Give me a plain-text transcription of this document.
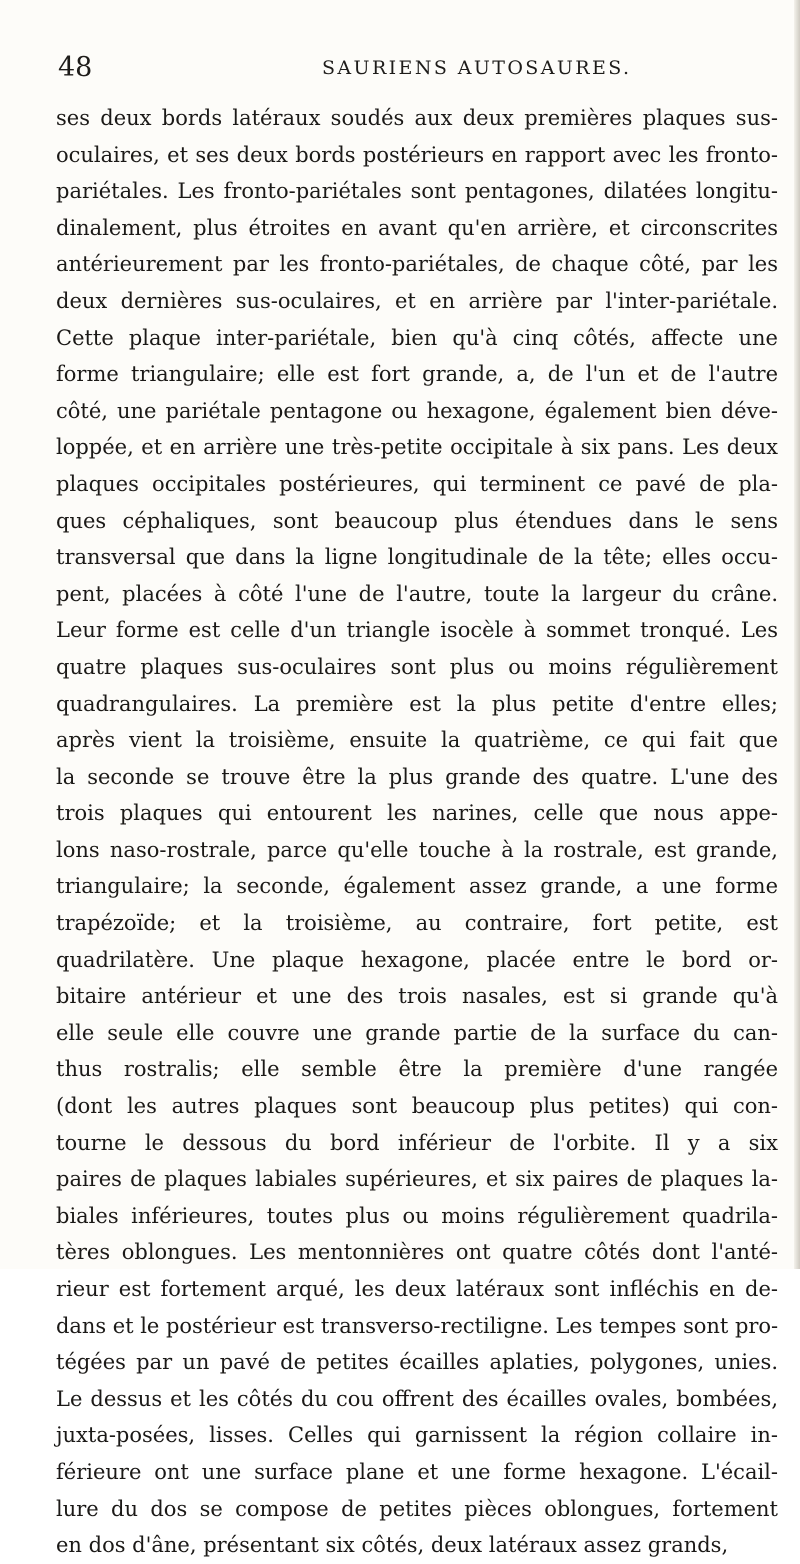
48	SAURIENS AUTOSAURES.
ses deux bords latéraux soudés aux deux premières plaques sus-
oculaires, et ses deux bords postérieurs en rapport avec les fronto-
pariétales. Les fronto-pariétales sont pentagones, dilatées longitu-
dinalement, plus étroites en avant qu'en arrière, et circonscrites
antérieurement par les fronto-pariétales, de chaque côté, par les
deux dernières sus-oculaires, et en arrière par l'inter-pariétale.
Cette plaque inter-pariétale, bien qu'à cinq côtés, affecte une
forme triangulaire; elle est fort grande, a, de l'un et de l'autre
côté, une pariétale pentagone ou hexagone, également bien déve-
loppée, et en arrière une très-petite occipitale à six pans. Les deux
plaques occipitales postérieures, qui terminent ce pavé de pla-
ques céphaliques, sont beaucoup plus étendues dans le sens
transversal que dans la ligne longitudinale de la tête; elles occu-
pent, placées à côté l'une de l'autre, toute la largeur du crâne.
Leur forme est celle d'un triangle isocèle à sommet tronqué. Les
quatre plaques sus-oculaires sont plus ou moins régulièrement
quadrangulaires. La première est la plus petite d'entre elles;
après vient la troisième, ensuite la quatrième, ce qui fait que
la seconde se trouve être la plus grande des quatre. L'une des
trois plaques qui entourent les narines, celle que nous appe-
lons naso-rostrale, parce qu'elle touche à la rostrale, est grande,
triangulaire; la seconde, également assez grande, a une forme
trapézoïde; et la troisième, au contraire, fort petite, est
quadrilatère. Une plaque hexagone, placée entre le bord or-
bitaire antérieur et une des trois nasales, est si grande qu'à
elle seule elle couvre une grande partie de la surface du can-
thus rostralis; elle semble être la première d'une rangée
(dont les autres plaques sont beaucoup plus petites) qui con-
tourne le dessous du bord inférieur de l'orbite. Il y a six
paires de plaques labiales supérieures, et six paires de plaques la-
biales inférieures, toutes plus ou moins régulièrement quadrila-
tères oblongues. Les mentonnières ont quatre côtés dont l'anté-
rieur est fortement arqué, les deux latéraux sont infléchis en de-
dans et le postérieur est transverso-rectiligne. Les tempes sont pro-
tégées par un pavé de petites écailles aplaties, polygones, unies.
Le dessus et les côtés du cou offrent des écailles ovales, bombées,
juxta-posées, lisses. Celles qui garnissent la région collaire in-
férieure ont une surface plane et une forme hexagone. L'écail-
lure du dos se compose de petites pièces oblongues, fortement
en dos d'âne, présentant six côtés, deux latéraux assez grands,
